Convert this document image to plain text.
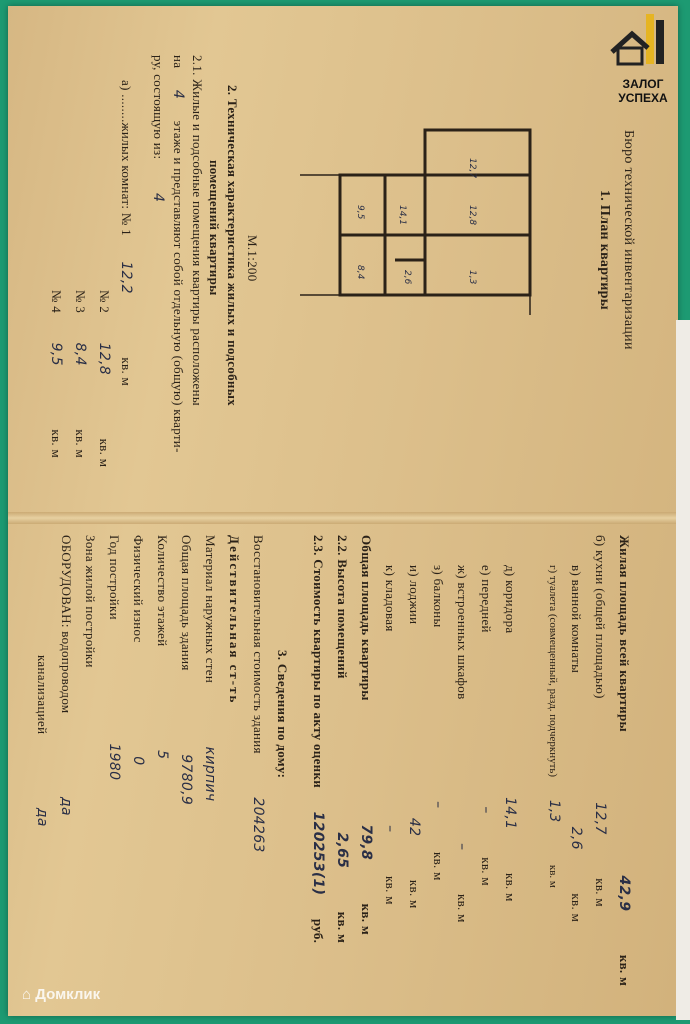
ЗАЛОГ
УСПЕХА
Бюро технической инвентаризации
1. План квартиры
М.1:200
12,7
14,1
9,5	12,8
8,4	2,6	1,3
2. Техническая характеристика жилых и подсобных
помещений квартиры
2.1. Жилые и подсобные помещения квартиры расположены
на 4 этаже и представляют собой отдельную (общую) кварти-
ру, состоящую из: 4
а) ........жилых комнат: № 1 12,2 кв. м
№ 2 12,8 кв. м
№ 3 8,4 кв. м
№ 4 9,5 кв. м
Жилая площадь всей квартиры 42,9 кв. м
б) кухни (общей площадью) 12,7 кв. м
в) ванной комнаты 2,6 кв. м
г) туалета (совмещенный, разд. подчеркнуть) 1,3 кв. м
д) коридора 14,1 кв. м
е) передней – кв. м
ж) встроенных шкафов – кв. м
з) балконы – кв. м
и) лоджии 42 кв. м
к) кладовая – кв. м
Общая площадь квартиры 79,8 кв. м
2.2. Высота помещений 2,65 кв. м
2.3. Стоимость квартиры по акту оценки 120253(1) руб.
3. Сведения по дому:
Восстановительная стоимость здания 204263
Действительная ст-ть
Материал наружных стен кирпич
Общая площадь здания 9780,9
Количество этажей 5
Физический износ 0
Год постройки 1980
Зона жилой постройки
ОБОРУДОВАН: водопроводом да
канализацией да
⌂ Домклик
